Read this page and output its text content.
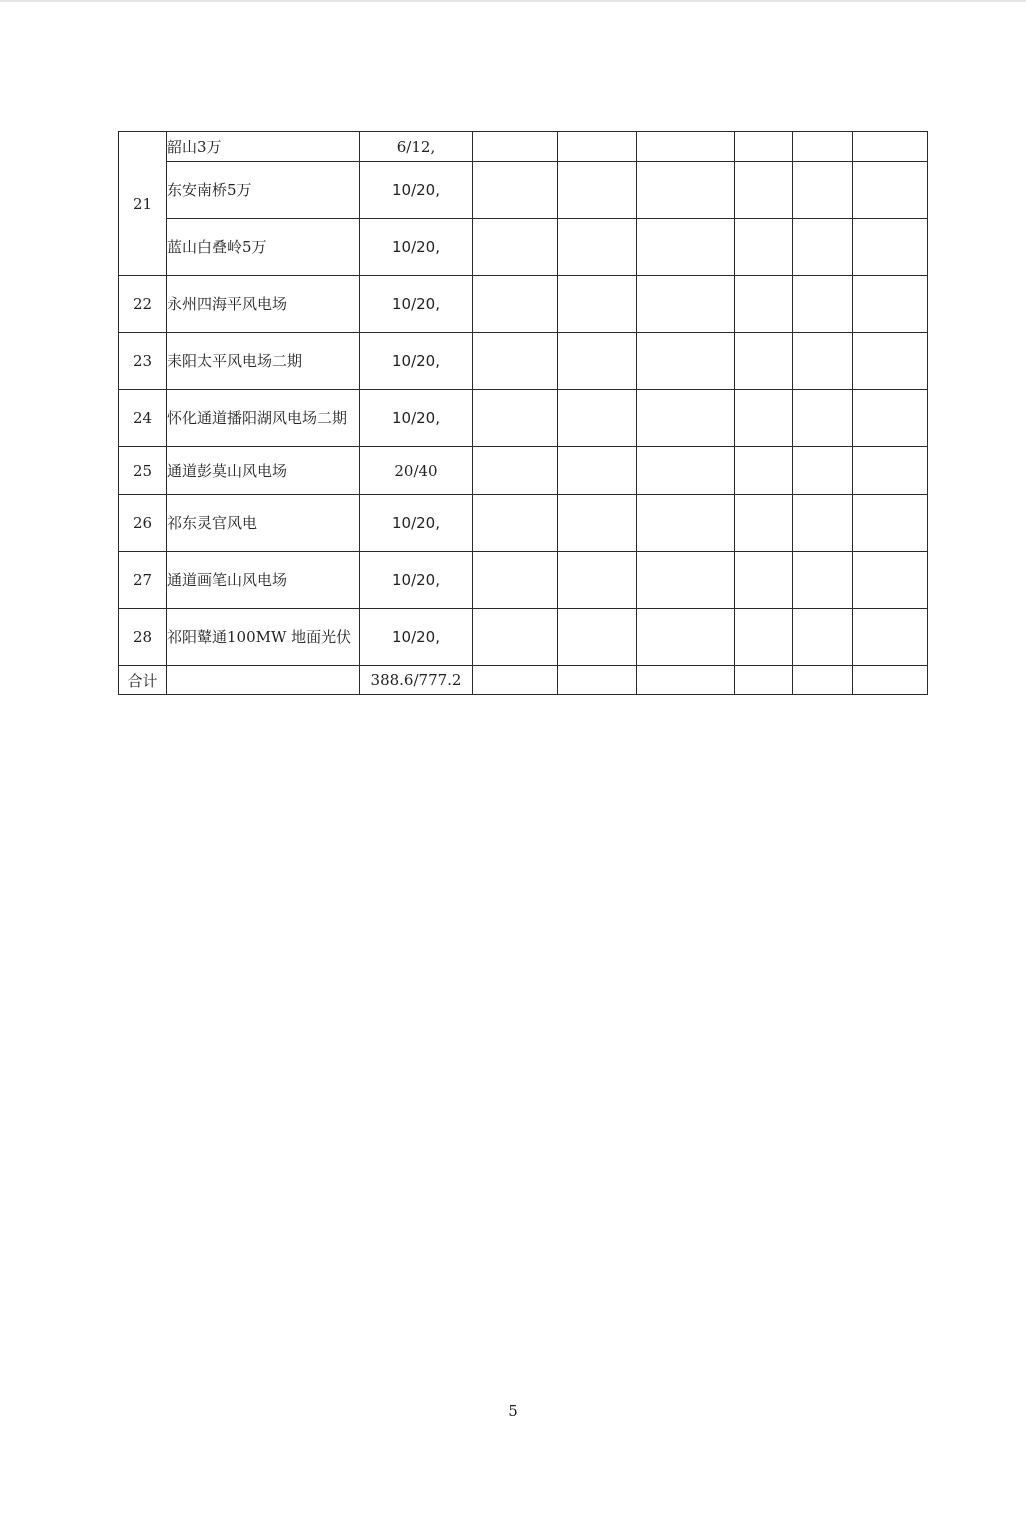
21	韶山3万	6/12,						
	东安南桥5万	10/20,						
	蓝山白叠岭5万	10/20,						
22	永州四海平风电场	10/20,						
23	耒阳太平风电场二期	10/20,						
24	怀化通道播阳湖风电场二期	10/20,						
25	通道彭莫山风电场	20/40						
26	祁东灵官风电	10/20,						
27	通道画笔山风电场	10/20,						
28	祁阳鼙通100MW 地面光伏	10/20,						
合计		388.6/777.2						
5
